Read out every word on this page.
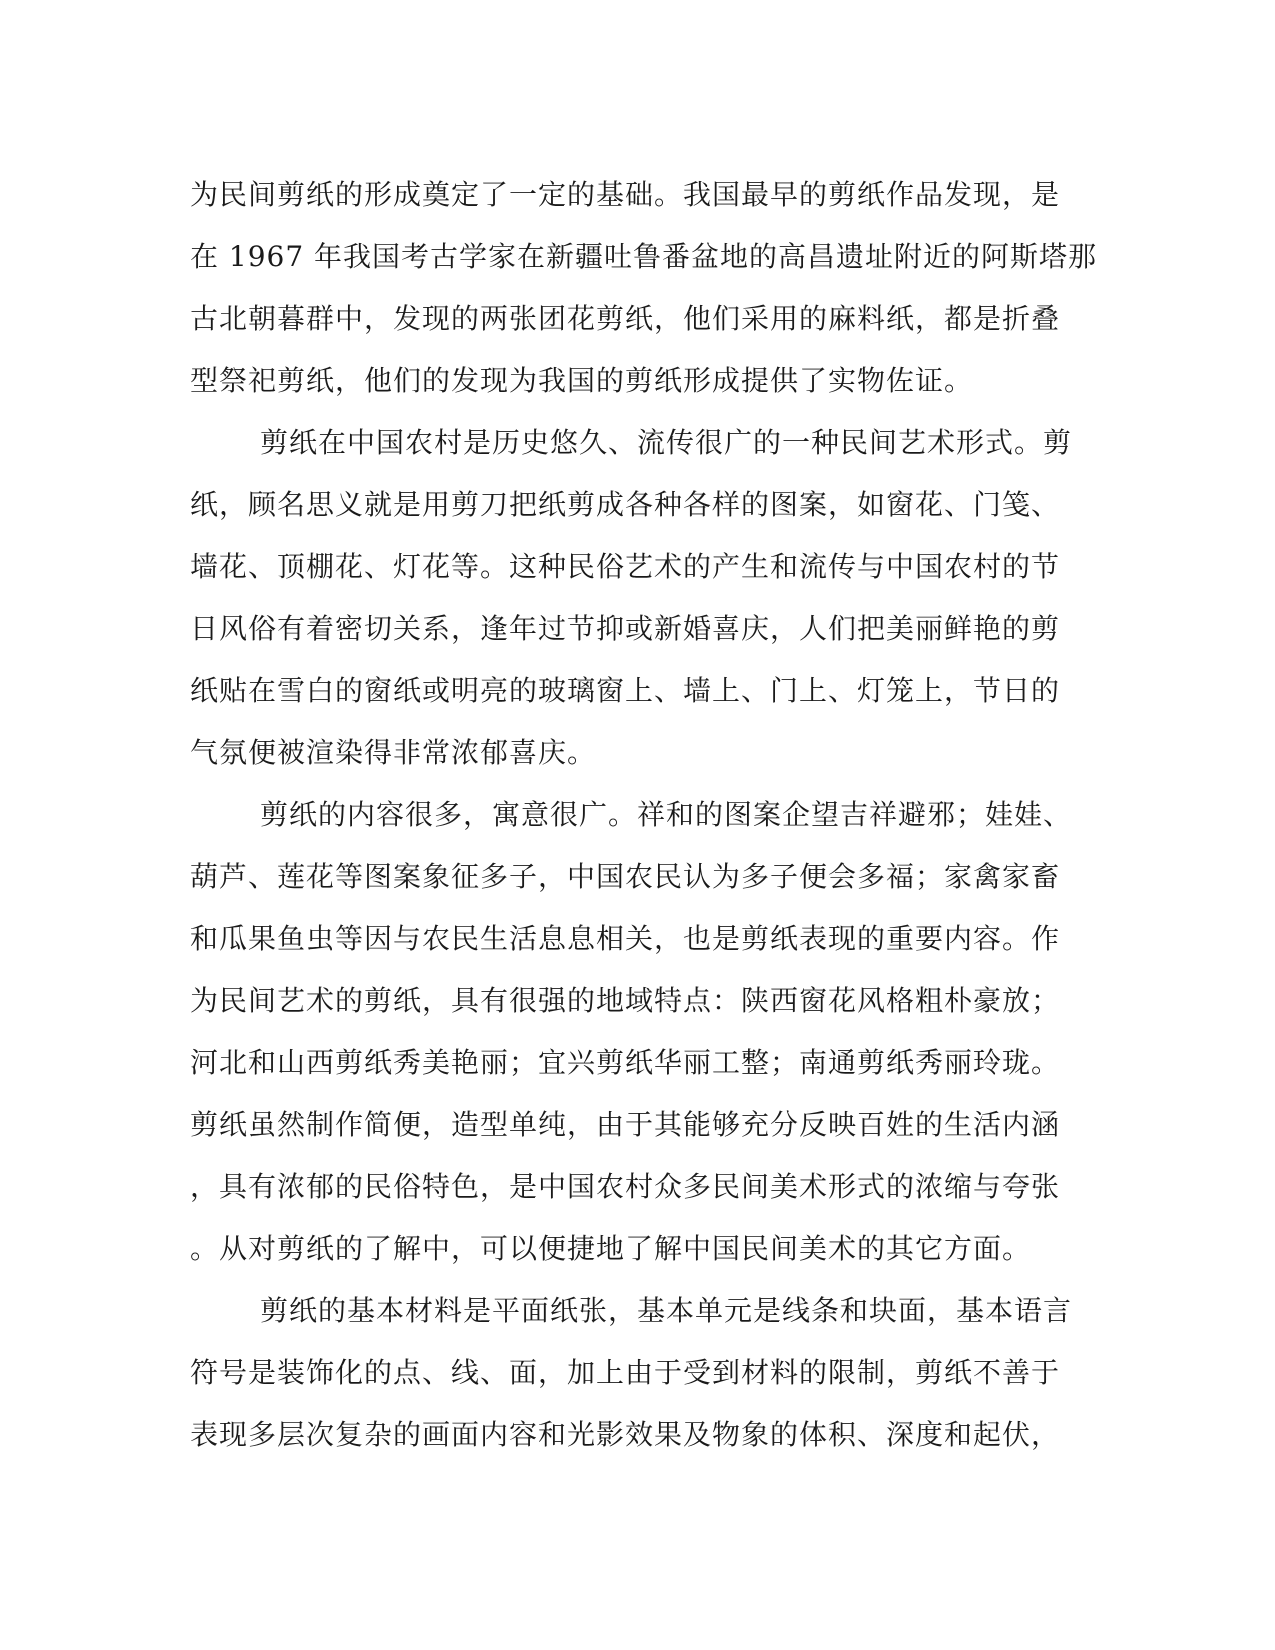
为民间剪纸的形成奠定了一定的基础。我国最早的剪纸作品发现，是
在 1967 年我国考古学家在新疆吐鲁番盆地的高昌遗址附近的阿斯塔那
古北朝暮群中，发现的两张团花剪纸，他们采用的麻料纸，都是折叠
型祭祀剪纸，他们的发现为我国的剪纸形成提供了实物佐证。

剪纸在中国农村是历史悠久、流传很广的一种民间艺术形式。剪
纸，顾名思义就是用剪刀把纸剪成各种各样的图案，如窗花、门笺、
墙花、顶棚花、灯花等。这种民俗艺术的产生和流传与中国农村的节
日风俗有着密切关系，逢年过节抑或新婚喜庆，人们把美丽鲜艳的剪
纸贴在雪白的窗纸或明亮的玻璃窗上、墙上、门上、灯笼上，节日的
气氛便被渲染得非常浓郁喜庆。

剪纸的内容很多，寓意很广。祥和的图案企望吉祥避邪；娃娃、
葫芦、莲花等图案象征多子，中国农民认为多子便会多福；家禽家畜
和瓜果鱼虫等因与农民生活息息相关，也是剪纸表现的重要内容。作
为民间艺术的剪纸，具有很强的地域特点：陕西窗花风格粗朴豪放；
河北和山西剪纸秀美艳丽；宜兴剪纸华丽工整；南通剪纸秀丽玲珑。
剪纸虽然制作简便，造型单纯，由于其能够充分反映百姓的生活内涵
，具有浓郁的民俗特色，是中国农村众多民间美术形式的浓缩与夸张
。从对剪纸的了解中，可以便捷地了解中国民间美术的其它方面。

剪纸的基本材料是平面纸张，基本单元是线条和块面，基本语言
符号是装饰化的点、线、面，加上由于受到材料的限制，剪纸不善于
表现多层次复杂的画面内容和光影效果及物象的体积、深度和起伏，
